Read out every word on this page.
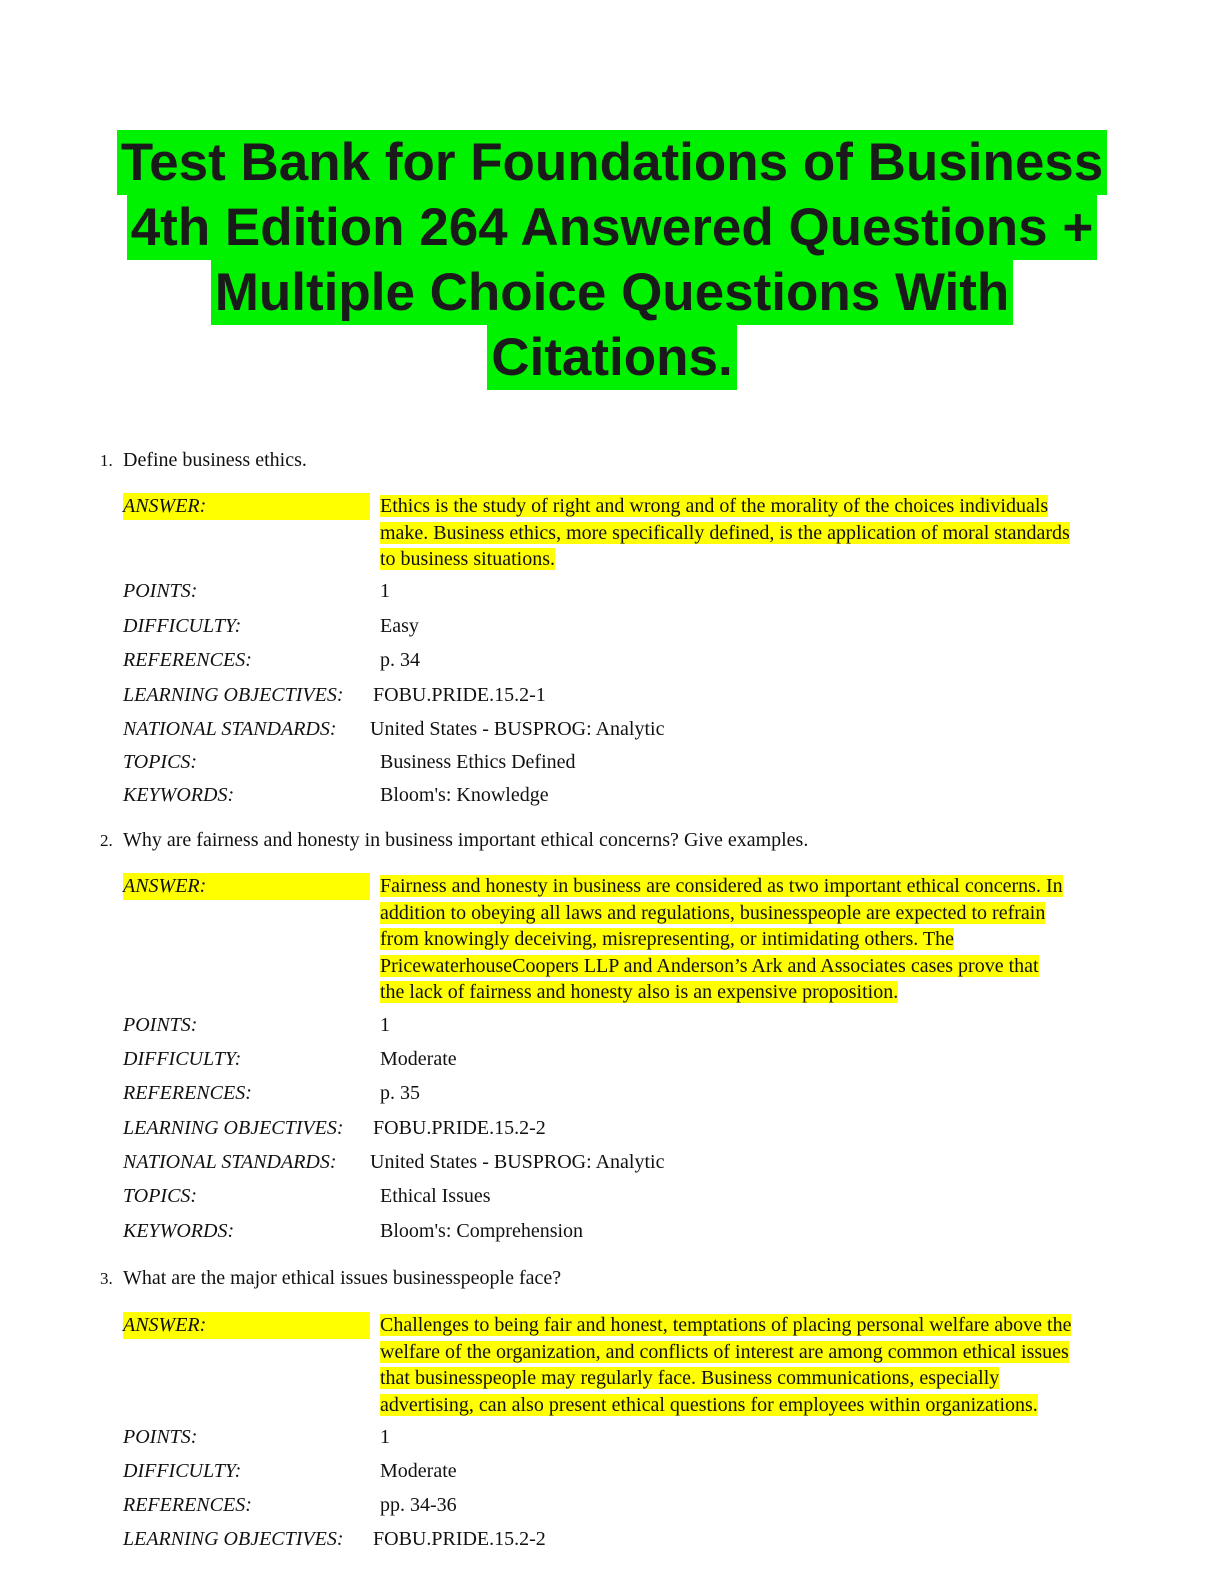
Test Bank for Foundations of Business
4th Edition 264 Answered Questions +
Multiple Choice Questions With
Citations.
1. Define business ethics.
ANSWER:	Ethics is the study of right and wrong and of the morality of the choices individuals
make. Business ethics, more specifically defined, is the application of moral standards
to business situations.
POINTS:	1
DIFFICULTY:	Easy
REFERENCES:	p. 34
LEARNING OBJECTIVES: FOBU.PRIDE.15.2-1
NATIONAL STANDARDS: United States - BUSPROG: Analytic
TOPICS:	Business Ethics Defined
KEYWORDS:	Bloom's: Knowledge
2. Why are fairness and honesty in business important ethical concerns? Give examples.
ANSWER:	Fairness and honesty in business are considered as two important ethical concerns. In
addition to obeying all laws and regulations, businesspeople are expected to refrain
from knowingly deceiving, misrepresenting, or intimidating others. The
PricewaterhouseCoopers LLP and Anderson’s Ark and Associates cases prove that
the lack of fairness and honesty also is an expensive proposition.
POINTS:	1
DIFFICULTY:	Moderate
REFERENCES:	p. 35
LEARNING OBJECTIVES: FOBU.PRIDE.15.2-2
NATIONAL STANDARDS: United States - BUSPROG: Analytic
TOPICS:	Ethical Issues
KEYWORDS:	Bloom's: Comprehension
3. What are the major ethical issues businesspeople face?
ANSWER:	Challenges to being fair and honest, temptations of placing personal welfare above the
welfare of the organization, and conflicts of interest are among common ethical issues
that businesspeople may regularly face. Business communications, especially
advertising, can also present ethical questions for employees within organizations.
POINTS:	1
DIFFICULTY:	Moderate
REFERENCES:	pp. 34-36
LEARNING OBJECTIVES: FOBU.PRIDE.15.2-2
